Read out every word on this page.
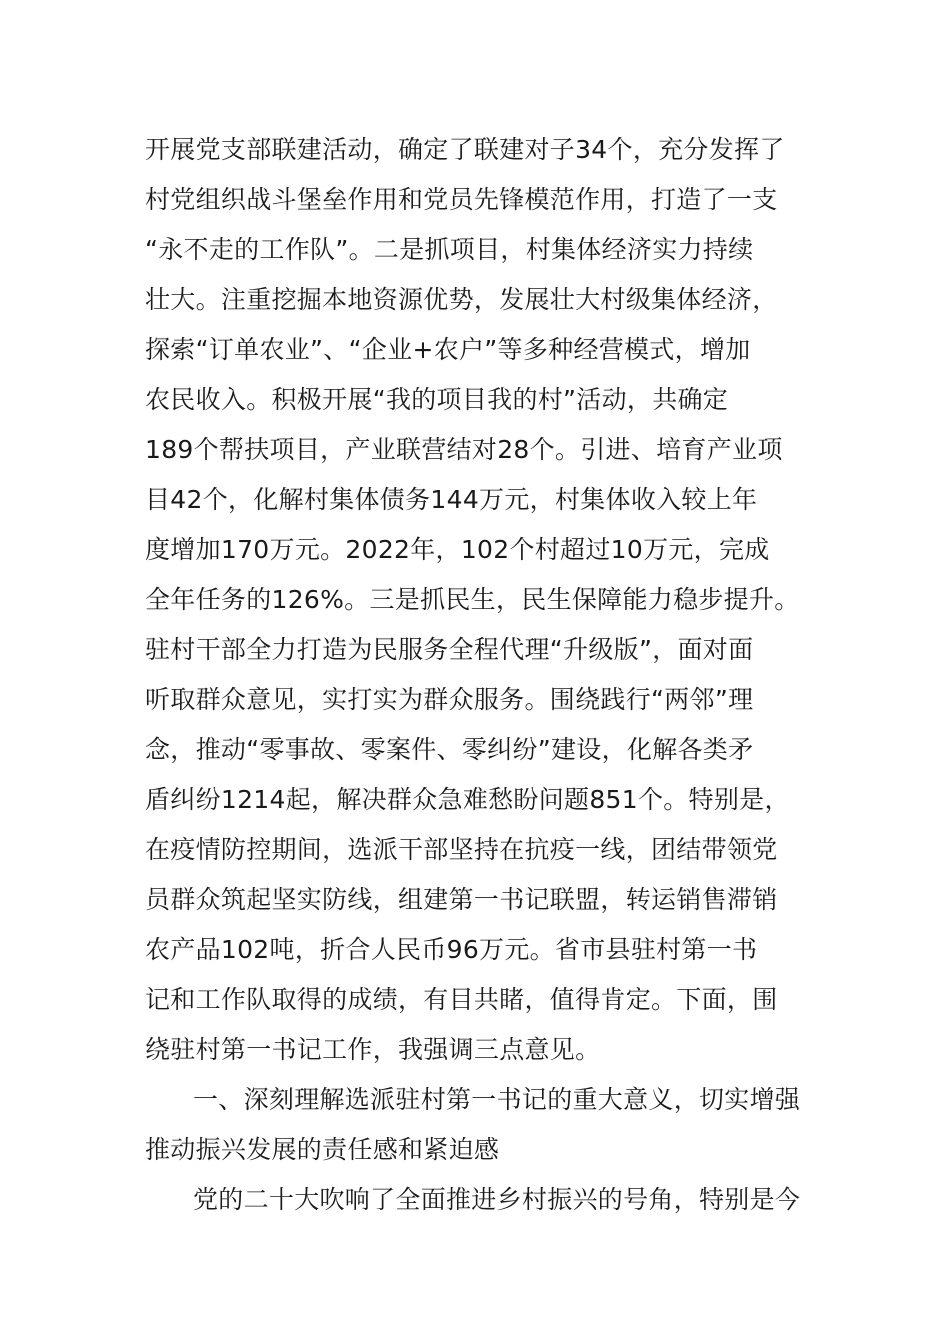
开展党支部联建活动，确定了联建对子34个，充分发挥了
村党组织战斗堡垒作用和党员先锋模范作用，打造了一支
“永不走的工作队”。二是抓项目，村集体经济实力持续
壮大。注重挖掘本地资源优势，发展壮大村级集体经济，
探索“订单农业”、“企业+农户”等多种经营模式，增加
农民收入。积极开展“我的项目我的村”活动，共确定
189个帮扶项目，产业联营结对28个。引进、培育产业项
目42个，化解村集体债务144万元，村集体收入较上年
度增加170万元。2022年，102个村超过10万元，完成
全年任务的126%。三是抓民生，民生保障能力稳步提升。
驻村干部全力打造为民服务全程代理“升级版”，面对面
听取群众意见，实打实为群众服务。围绕践行“两邻”理
念，推动“零事故、零案件、零纠纷”建设，化解各类矛
盾纠纷1214起，解决群众急难愁盼问题851个。特别是，
在疫情防控期间，选派干部坚持在抗疫一线，团结带领党
员群众筑起坚实防线，组建第一书记联盟，转运销售滞销
农产品102吨，折合人民币96万元。省市县驻村第一书
记和工作队取得的成绩，有目共睹，值得肯定。下面，围
绕驻村第一书记工作，我强调三点意见。
一、深刻理解选派驻村第一书记的重大意义，切实增强
推动振兴发展的责任感和紧迫感
党的二十大吹响了全面推进乡村振兴的号角，特别是今
